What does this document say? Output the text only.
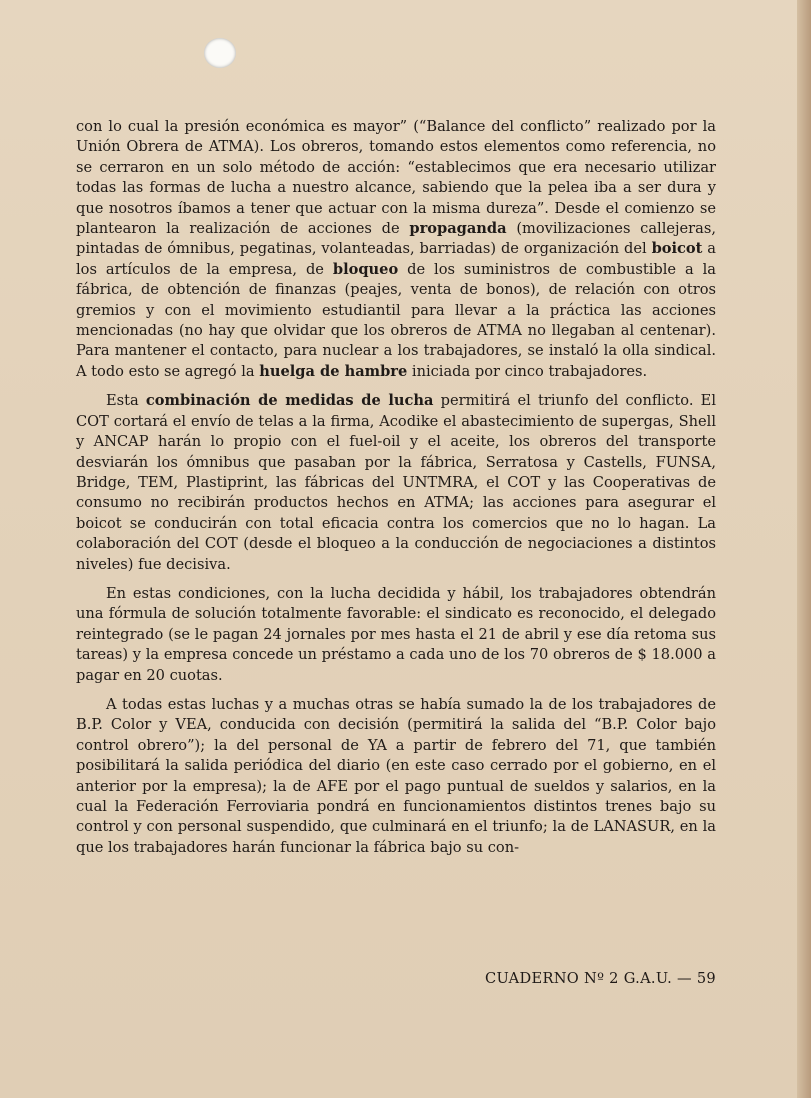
con lo cual la presión económica es mayor” (“Balance del conflicto” realizado por la Unión Obrera de ATMA). Los obreros, tomando estos elementos como referencia, no se cerraron en un solo método de acción: “establecimos que era necesario utilizar todas las formas de lucha a nuestro alcance, sabiendo que la pelea iba a ser dura y que nosotros íbamos a tener que actuar con la misma dureza”. Desde el comienzo se plantearon la realización de acciones de propaganda (movilizaciones callejeras, pintadas de ómnibus, pegatinas, volanteadas, barriadas) de organización del boicot a los artículos de la empresa, de bloqueo de los suministros de combustible a la fábrica, de obtención de finanzas (peajes, venta de bonos), de relación con otros gremios y con el movimiento estudiantil para llevar a la práctica las acciones mencionadas (no hay que olvidar que los obreros de ATMA no llegaban al centenar). Para mantener el contacto, para nuclear a los trabajadores, se instaló la olla sindical. A todo esto se agregó la huelga de hambre iniciada por cinco trabajadores.

Esta combinación de medidas de lucha permitirá el triunfo del conflicto. El COT cortará el envío de telas a la firma, Acodike el abastecimiento de supergas, Shell y ANCAP harán lo propio con el fuel-oil y el aceite, los obreros del transporte desviarán los ómnibus que pasaban por la fábrica, Serratosa y Castells, FUNSA, Bridge, TEM, Plastiprint, las fábricas del UNTMRA, el COT y las Cooperativas de consumo no recibirán productos hechos en ATMA; las acciones para asegurar el boicot se conducirán con total eficacia contra los comercios que no lo hagan. La colaboración del COT (desde el bloqueo a la conducción de negociaciones a distintos niveles) fue decisiva.

En estas condiciones, con la lucha decidida y hábil, los trabajadores obtendrán una fórmula de solución totalmente favorable: el sindicato es reconocido, el delegado reintegrado (se le pagan 24 jornales por mes hasta el 21 de abril y ese día retoma sus tareas) y la empresa concede un préstamo a cada uno de los 70 obreros de $ 18.000 a pagar en 20 cuotas.

A todas estas luchas y a muchas otras se había sumado la de los trabajadores de B.P. Color y VEA, conducida con decisión (permitirá la salida del “B.P. Color bajo control obrero”); la del personal de YA a partir de febrero del 71, que también posibilitará la salida periódica del diario (en este caso cerrado por el gobierno, en el anterior por la empresa); la de AFE por el pago puntual de sueldos y salarios, en la cual la Federación Ferroviaria pondrá en funcionamientos distintos trenes bajo su control y con personal suspendido, que culminará en el triunfo; la de LANASUR, en la que los trabajadores harán funcionar la fábrica bajo su con-

CUADERNO Nº 2 G.A.U. — 59
